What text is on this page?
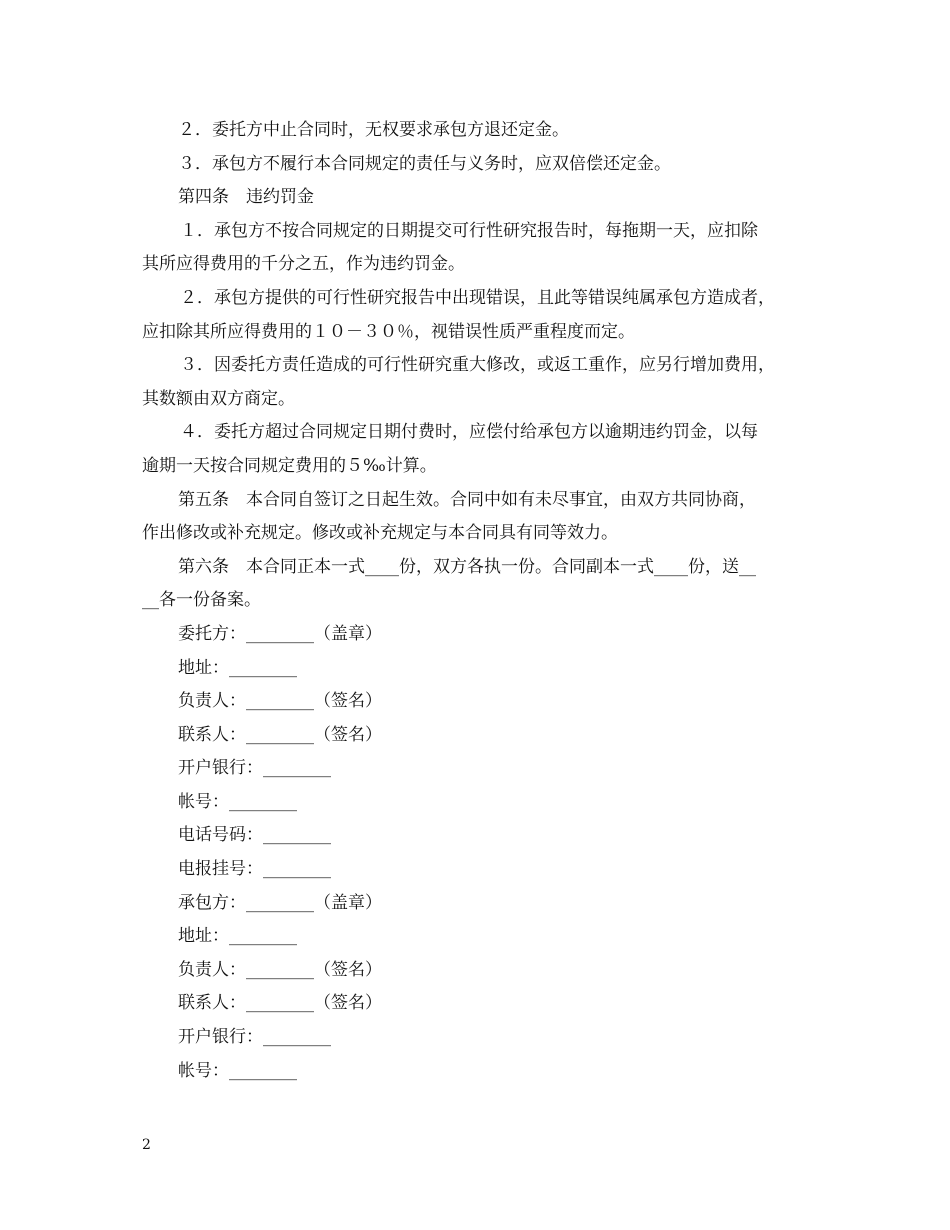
２．委托方中止合同时，无权要求承包方退还定金。

３．承包方不履行本合同规定的责任与义务时，应双倍偿还定金。

第四条　违约罚金

１．承包方不按合同规定的日期提交可行性研究报告时，每拖期一天，应扣除

其所应得费用的千分之五，作为违约罚金。

２．承包方提供的可行性研究报告中出现错误，且此等错误纯属承包方造成者，

应扣除其所应得费用的１０－３０％，视错误性质严重程度而定。

３．因委托方责任造成的可行性研究重大修改，或返工重作，应另行增加费用，

其数额由双方商定。

４．委托方超过合同规定日期付费时，应偿付给承包方以逾期违约罚金，以每

逾期一天按合同规定费用的５‰计算。

第五条　本合同自签订之日起生效。合同中如有未尽事宜，由双方共同协商，

作出修改或补充规定。修改或补充规定与本合同具有同等效力。

第六条　本合同正本一式____份，双方各执一份。合同副本一式____份，送__

__各一份备案。

委托方：________（盖章）

地址：________

负责人：________（签名）

联系人：________（签名）

开户银行：________

帐号：________

电话号码：________

电报挂号：________

承包方：________（盖章）

地址：________

负责人：________（签名）

联系人：________（签名）

开户银行：________

帐号：________

2
